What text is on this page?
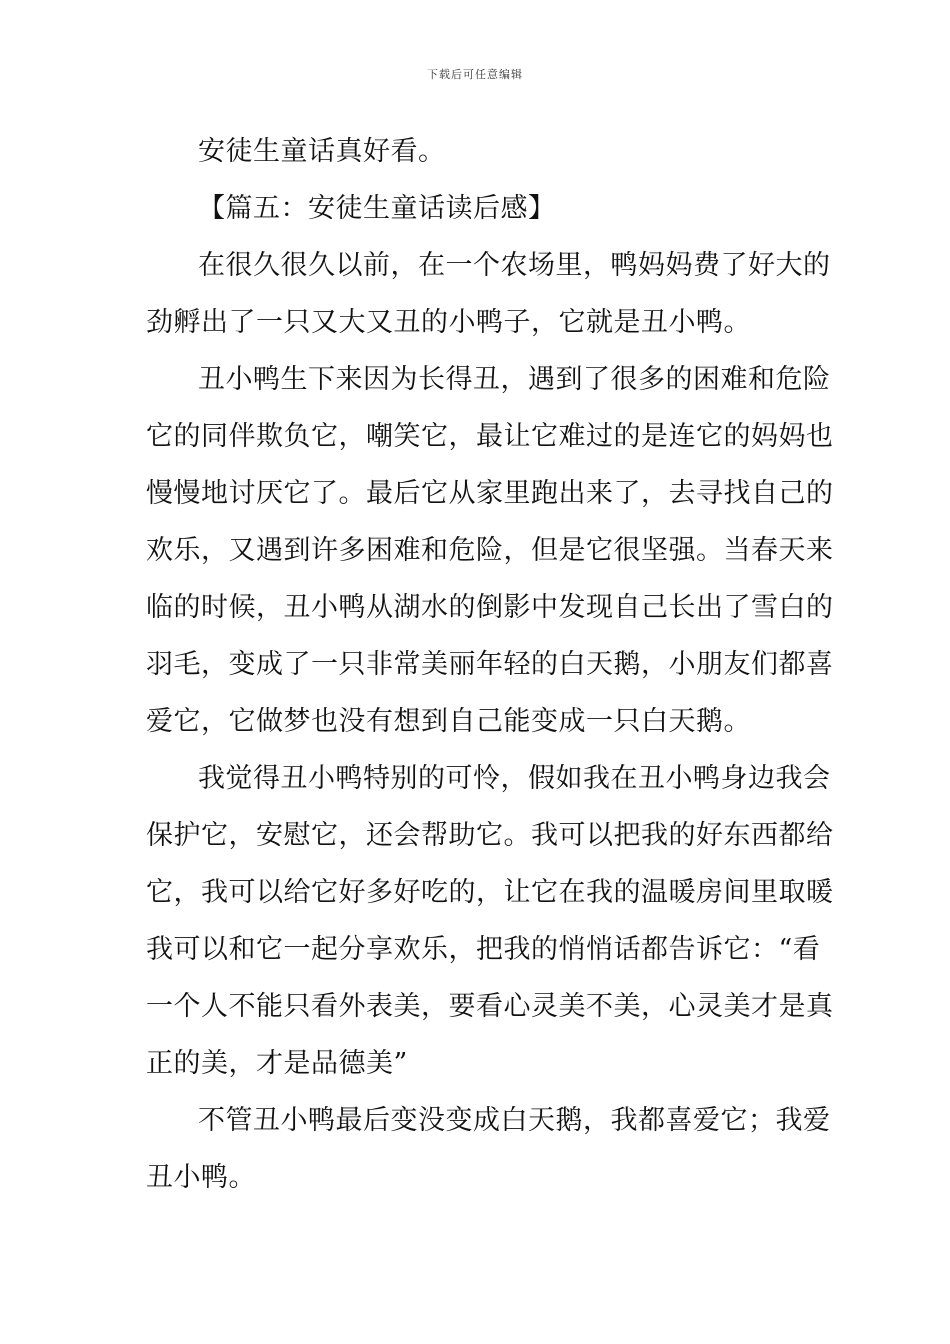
下载后可任意编辑
安徒生童话真好看。
【篇五：安徒生童话读后感】
在很久很久以前，在一个农场里，鸭妈妈费了好大的
劲孵出了一只又大又丑的小鸭子，它就是丑小鸭。
丑小鸭生下来因为长得丑，遇到了很多的困难和危险
它的同伴欺负它，嘲笑它，最让它难过的是连它的妈妈也
慢慢地讨厌它了。最后它从家里跑出来了，去寻找自己的
欢乐，又遇到许多困难和危险，但是它很坚强。当春天来
临的时候，丑小鸭从湖水的倒影中发现自己长出了雪白的
羽毛，变成了一只非常美丽年轻的白天鹅，小朋友们都喜
爱它，它做梦也没有想到自己能变成一只白天鹅。
我觉得丑小鸭特别的可怜，假如我在丑小鸭身边我会
保护它，安慰它，还会帮助它。我可以把我的好东西都给
它，我可以给它好多好吃的，让它在我的温暖房间里取暖
我可以和它一起分享欢乐，把我的悄悄话都告诉它：“看
一个人不能只看外表美，要看心灵美不美，心灵美才是真
正的美，才是品德美”
不管丑小鸭最后变没变成白天鹅，我都喜爱它；我爱
丑小鸭。
